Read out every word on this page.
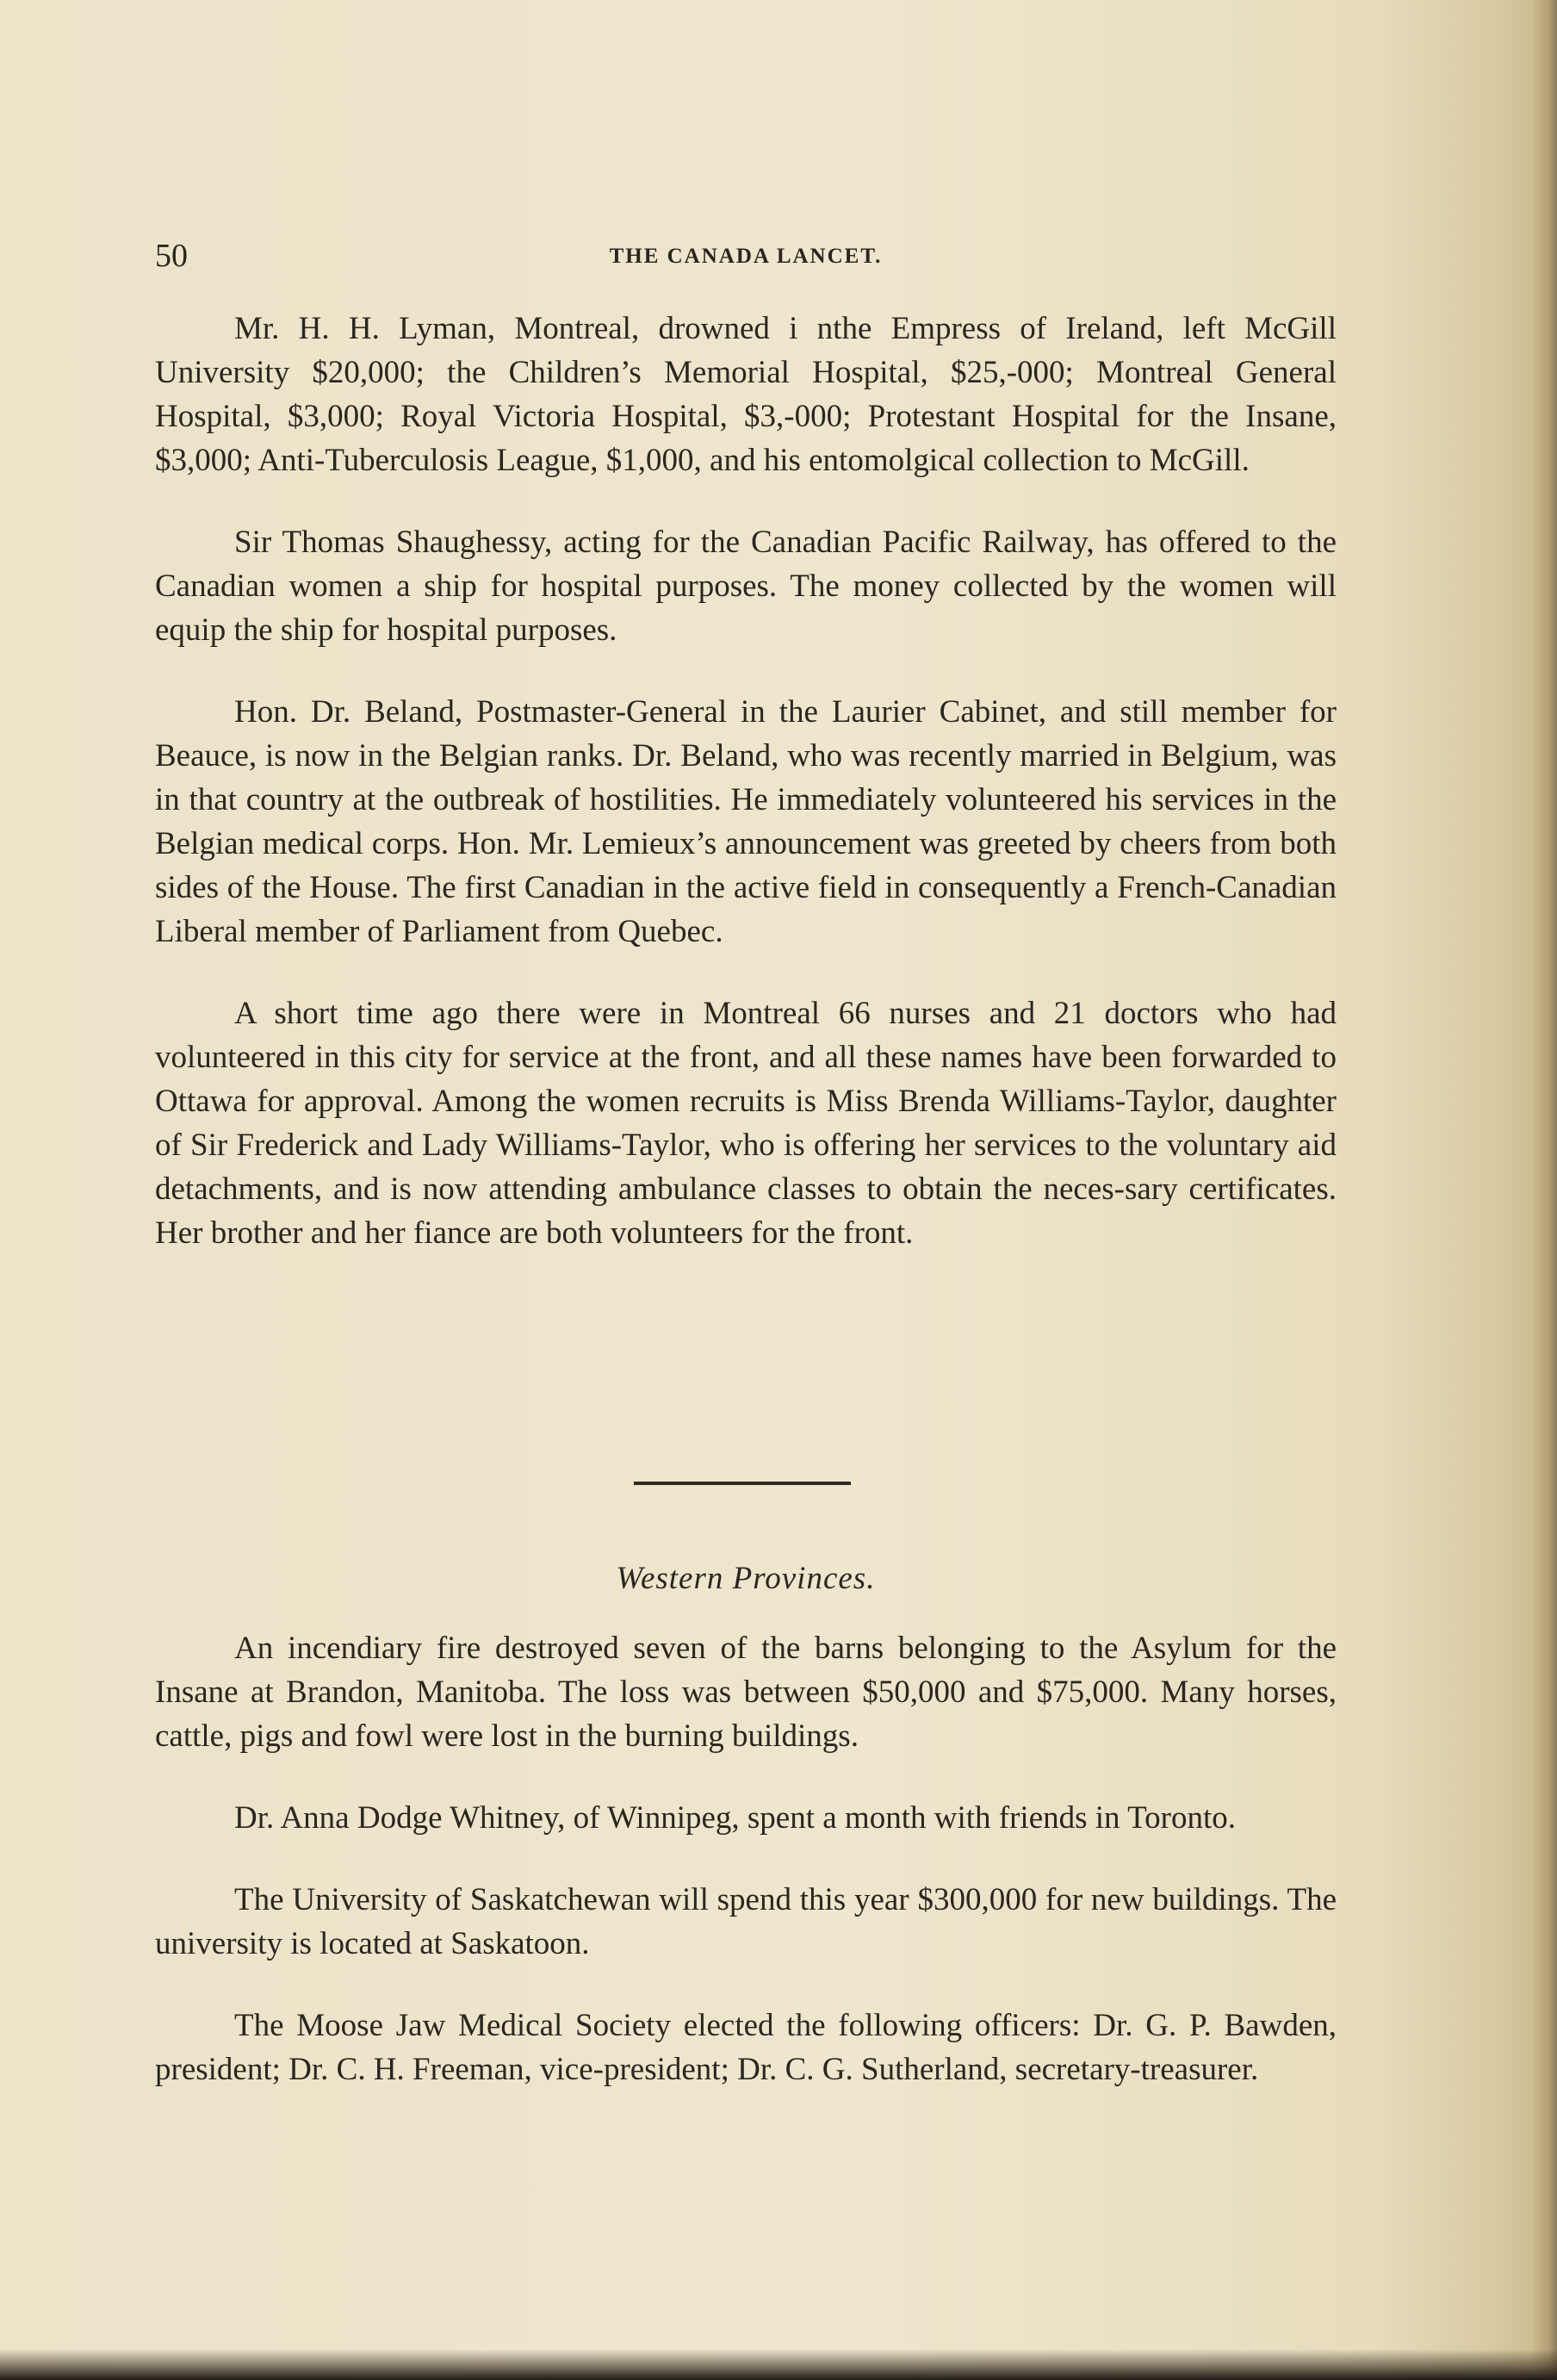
50	THE CANADA LANCET.

Mr. H. H. Lyman, Montreal, drowned i nthe Empress of Ireland, left McGill University $20,000; the Children’s Memorial Hospital, $25,-000; Montreal General Hospital, $3,000; Royal Victoria Hospital, $3,-000; Protestant Hospital for the Insane, $3,000; Anti-Tuberculosis League, $1,000, and his entomolgical collection to McGill.

Sir Thomas Shaughessy, acting for the Canadian Pacific Railway, has offered to the Canadian women a ship for hospital purposes. The money collected by the women will equip the ship for hospital purposes.

Hon. Dr. Beland, Postmaster-General in the Laurier Cabinet, and still member for Beauce, is now in the Belgian ranks. Dr. Beland, who was recently married in Belgium, was in that country at the outbreak of hostilities. He immediately volunteered his services in the Belgian medical corps. Hon. Mr. Lemieux’s announcement was greeted by cheers from both sides of the House. The first Canadian in the active field in consequently a French-Canadian Liberal member of Parliament from Quebec.

A short time ago there were in Montreal 66 nurses and 21 doctors who had volunteered in this city for service at the front, and all these names have been forwarded to Ottawa for approval. Among the women recruits is Miss Brenda Williams-Taylor, daughter of Sir Frederick and Lady Williams-Taylor, who is offering her services to the voluntary aid detachments, and is now attending ambulance classes to obtain the neces-sary certificates. Her brother and her fiance are both volunteers for the front.

Western Provinces.

An incendiary fire destroyed seven of the barns belonging to the Asylum for the Insane at Brandon, Manitoba. The loss was between $50,000 and $75,000. Many horses, cattle, pigs and fowl were lost in the burning buildings.

Dr. Anna Dodge Whitney, of Winnipeg, spent a month with friends in Toronto.

The University of Saskatchewan will spend this year $300,000 for new buildings. The university is located at Saskatoon.

The Moose Jaw Medical Society elected the following officers: Dr. G. P. Bawden, president; Dr. C. H. Freeman, vice-president; Dr. C. G. Sutherland, secretary-treasurer.
